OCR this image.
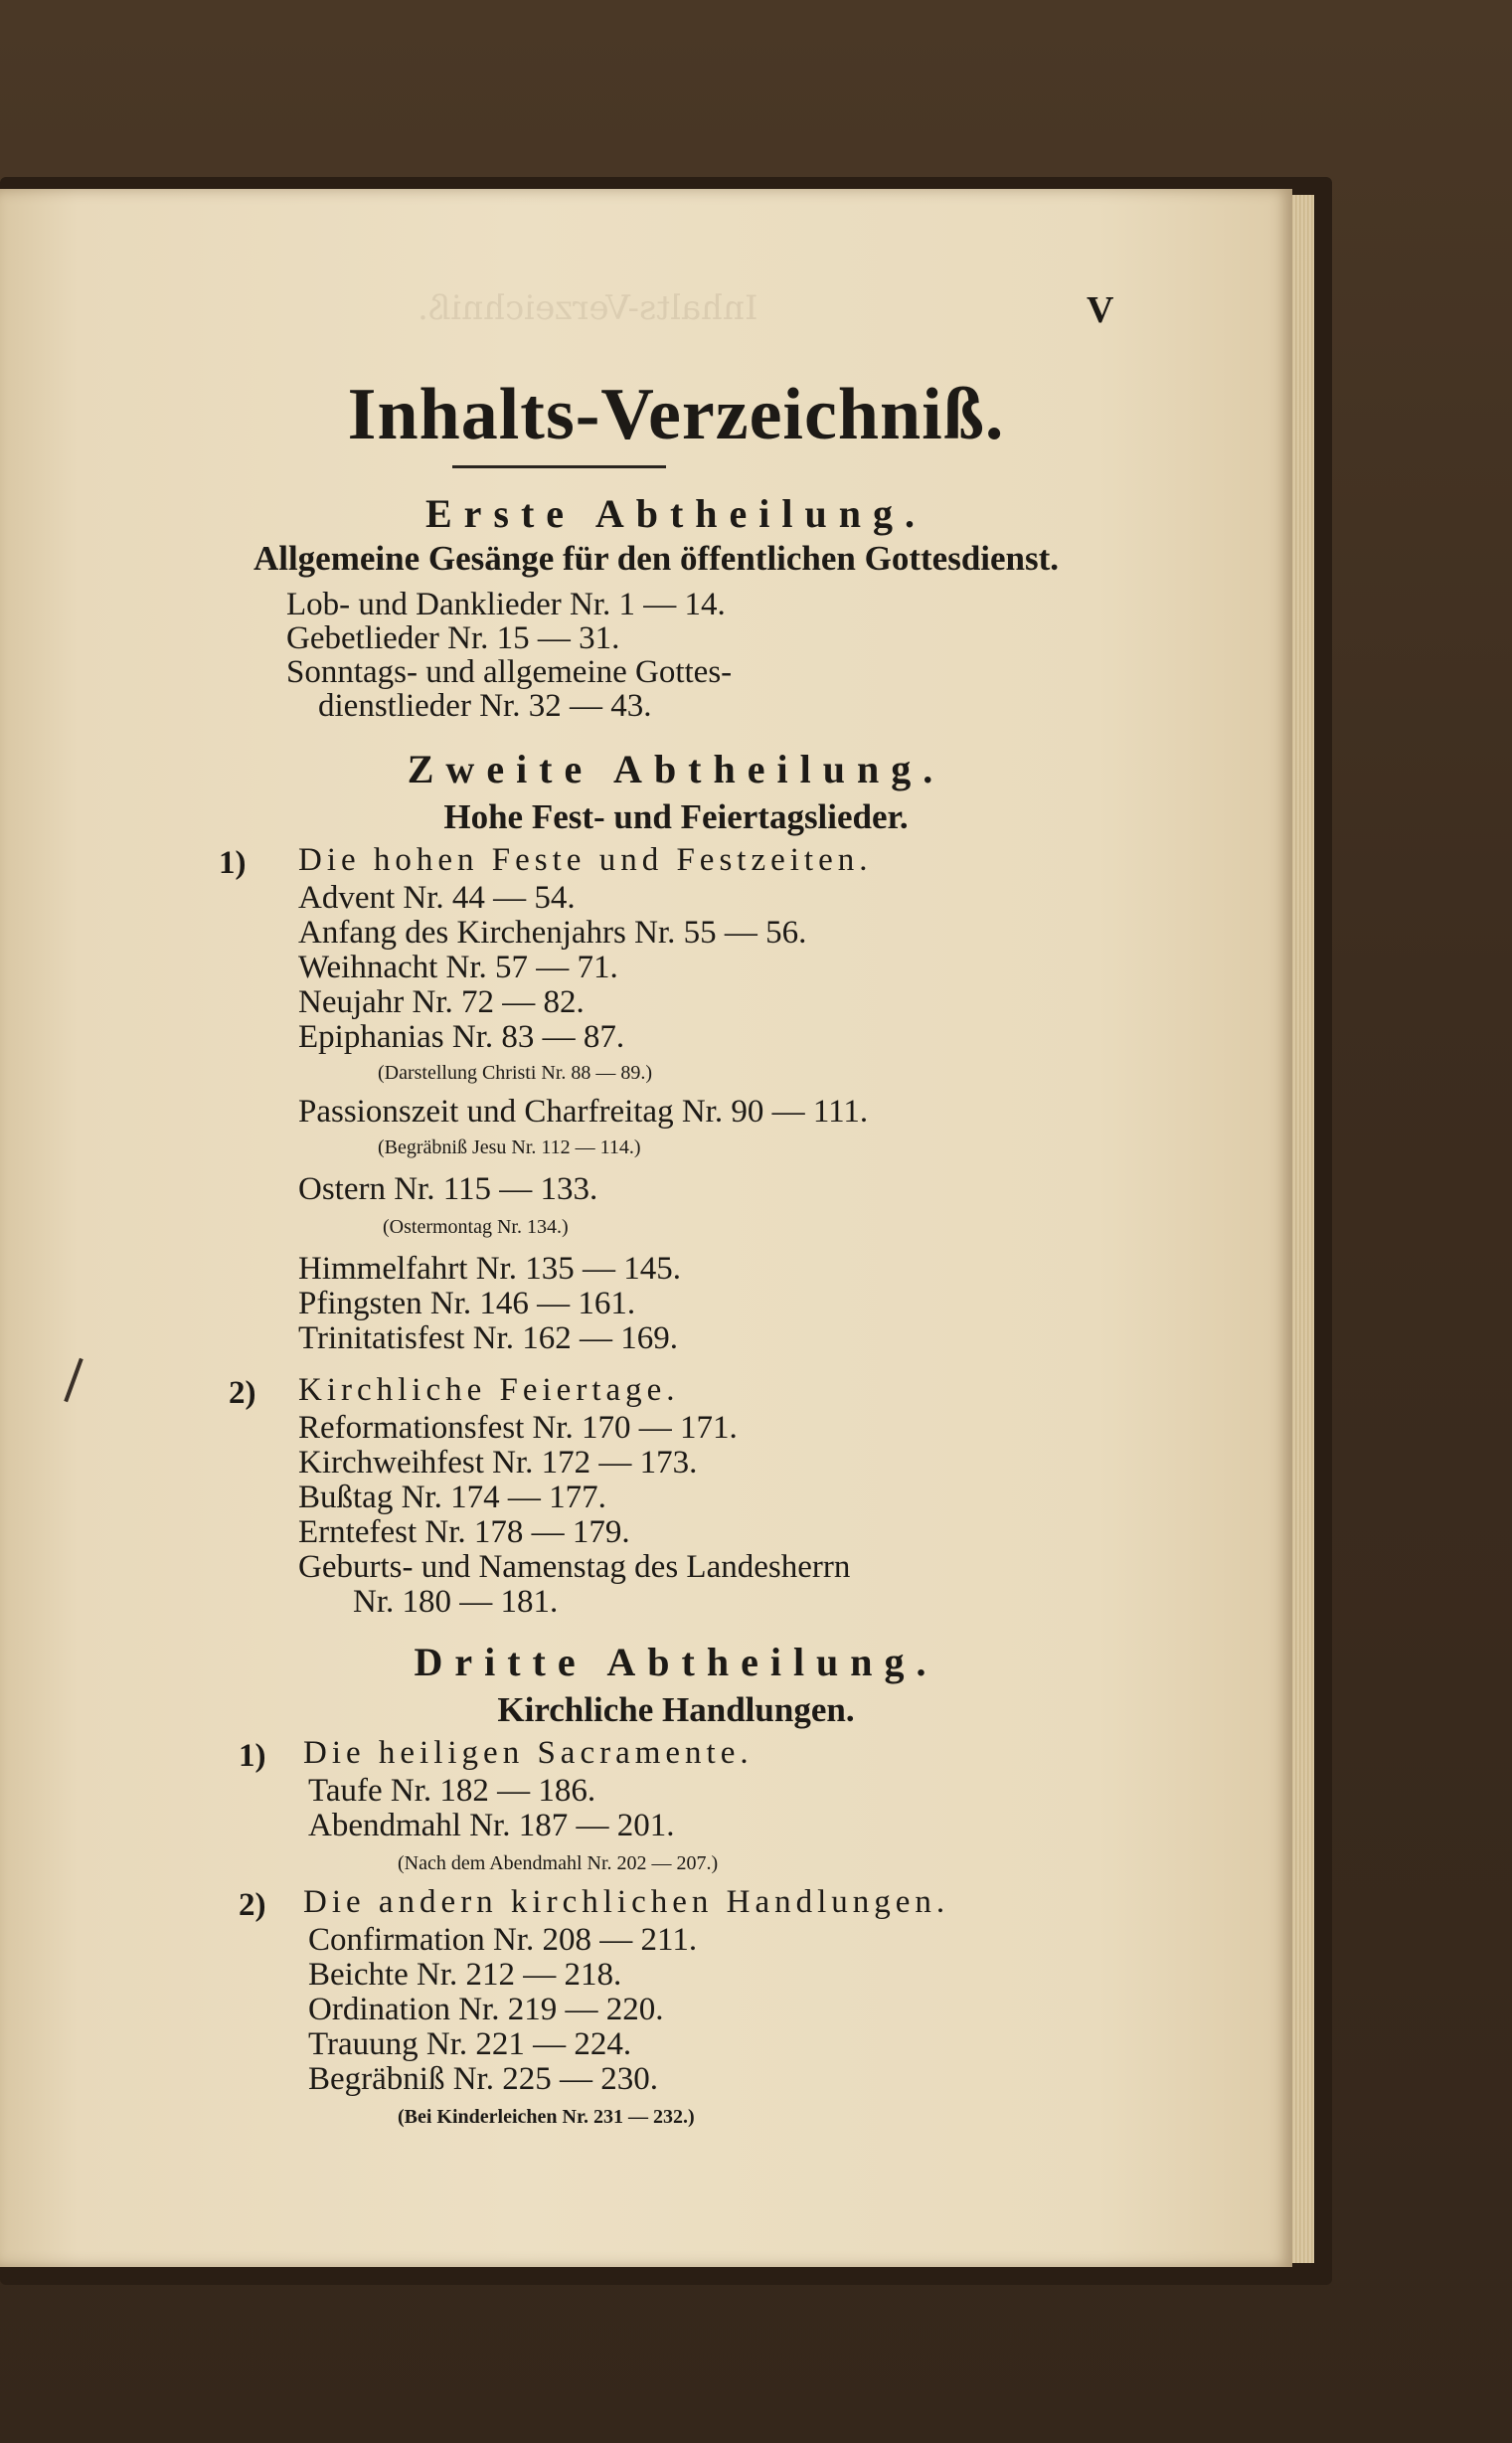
Inhalts-Verzeichniß.	V
Inhalts-Verzeichniß.
Erste Abtheilung.
Allgemeine Gesänge für den öffentlichen Gottesdienst.
Lob- und Danklieder Nr. 1 — 14.
Gebetlieder Nr. 15 — 31.
Sonntags- und allgemeine Gottes-
dienstlieder Nr. 32 — 43.
Zweite Abtheilung.
Hohe Fest- und Feiertagslieder.
1) Die hohen Feste und Festzeiten.
Advent Nr. 44 — 54.
Anfang des Kirchenjahrs Nr. 55 — 56.
Weihnacht Nr. 57 — 71.
Neujahr Nr. 72 — 82.
Epiphanias Nr. 83 — 87.
(Darstellung Christi Nr. 88 — 89.)
Passionszeit und Charfreitag Nr. 90 — 111.
(Begräbniß Jesu Nr. 112 — 114.)
Ostern Nr. 115 — 133.
(Ostermontag Nr. 134.)
Himmelfahrt Nr. 135 — 145.
Pfingsten Nr. 146 — 161.
Trinitatisfest Nr. 162 — 169.
2) Kirchliche Feiertage.
Reformationsfest Nr. 170 — 171.
Kirchweihfest Nr. 172 — 173.
Bußtag Nr. 174 — 177.
Erntefest Nr. 178 — 179.
Geburts- und Namenstag des Landesherrn
Nr. 180 — 181.
Dritte Abtheilung.
Kirchliche Handlungen.
1) Die heiligen Sacramente.
Taufe Nr. 182 — 186.
Abendmahl Nr. 187 — 201.
(Nach dem Abendmahl Nr. 202 — 207.)
2) Die andern kirchlichen Handlungen.
Confirmation Nr. 208 — 211.
Beichte Nr. 212 — 218.
Ordination Nr. 219 — 220.
Trauung Nr. 221 — 224.
Begräbniß Nr. 225 — 230.
(Bei Kinderleichen Nr. 231 — 232.)
